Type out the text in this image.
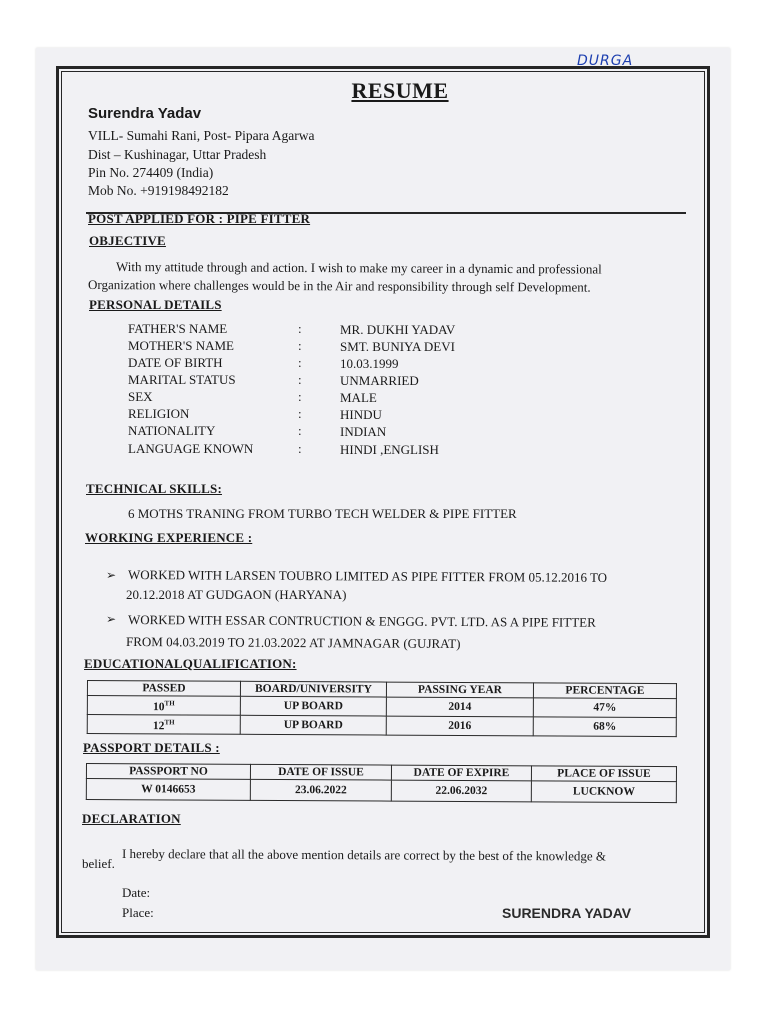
DURGA
RESUME
Surendra Yadav
VILL- Sumahi Rani, Post- Pipara Agarwa
Dist – Kushinagar, Uttar Pradesh
Pin No. 274409 (India)
Mob No. +919198492182
POST APPLIED FOR : PIPE FITTER
OBJECTIVE
With my attitude through and action. I wish to make my career in a dynamic and professional
Organization where challenges would be in the Air and responsibility through self Development.
PERSONAL DETAILS
FATHER'S NAME	:	MR. DUKHI YADAV
MOTHER'S NAME	:	SMT. BUNIYA DEVI
DATE OF BIRTH	:	10.03.1999
MARITAL STATUS	:	UNMARRIED
SEX	:	MALE
RELIGION	:	HINDU
NATIONALITY	:	INDIAN
LANGUAGE KNOWN	:	HINDI ,ENGLISH
TECHNICAL SKILLS:
6 MOTHS TRANING FROM TURBO TECH WELDER & PIPE FITTER
WORKING EXPERIENCE :
➢ WORKED WITH LARSEN TOUBRO LIMITED AS PIPE FITTER FROM 05.12.2016 TO
20.12.2018 AT GUDGAON (HARYANA)
➢ WORKED WITH ESSAR CONTRUCTION & ENGGG. PVT. LTD. AS A PIPE FITTER
FROM 04.03.2019 TO 21.03.2022 AT JAMNAGAR (GUJRAT)
EDUCATIONALQUALIFICATION:
PASSED	BOARD/UNIVERSITY	PASSING YEAR	PERCENTAGE
10TH	UP BOARD	2014	47%
12TH	UP BOARD	2016	68%
PASSPORT DETAILS :
PASSPORT NO	DATE OF ISSUE	DATE OF EXPIRE	PLACE OF ISSUE
W 0146653	23.06.2022	22.06.2032	LUCKNOW
DECLARATION
I hereby declare that all the above mention details are correct by the best of the knowledge &
belief.
Date:
Place:	SURENDRA YADAV
